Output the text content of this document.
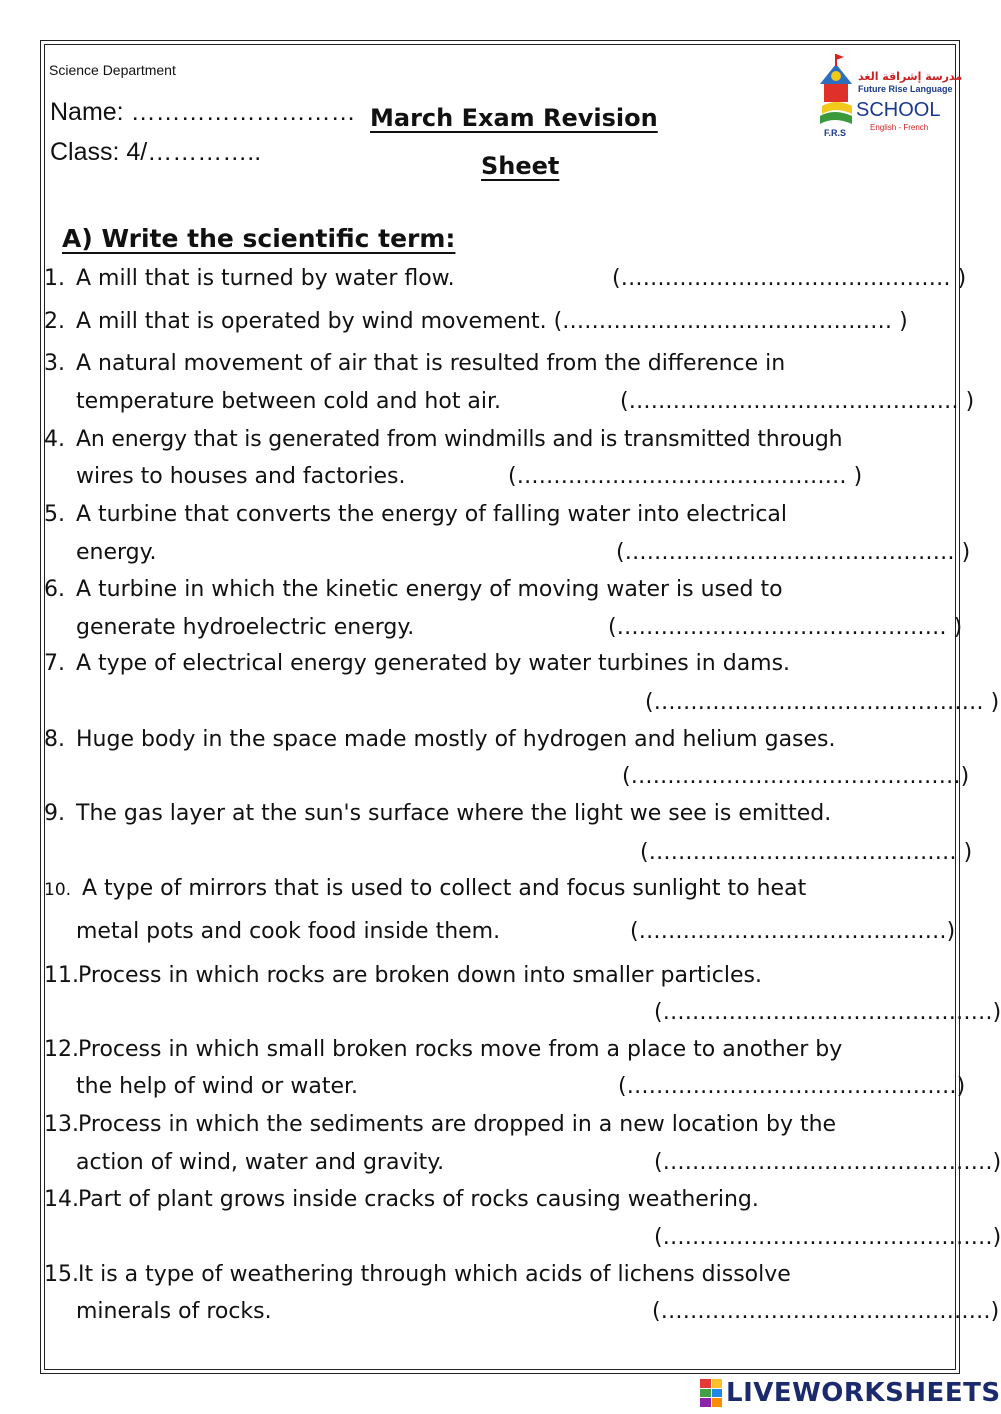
Science Department
Name: ………………………
Class: 4/…………..
March Exam Revision
Sheet
مدرسة إشراقة الغد
Future Rise Language
SCHOOL
F.R.S
English - French
A) Write the scientific term:
1. A mill that is turned by water flow.	(……………………………………… )
2. A mill that is operated by wind movement. (……………………………………… )
3. A natural movement of air that is resulted from the difference in
temperature between cold and hot air.	(……………………………………… )
4. An energy that is generated from windmills and is transmitted through
wires to houses and factories.	(……………………………………… )
5. A turbine that converts the energy of falling water into electrical
energy.	(……………………………………… )
6. A turbine in which the kinetic energy of moving water is used to
generate hydroelectric energy.	(……………………………………… )
7. A type of electrical energy generated by water turbines in dams.
(……………………………………… )
8. Huge body in the space made mostly of hydrogen and helium gases.
(………………………………………)
9. The gas layer at the sun's surface where the light we see is emitted.
(…………………………………… )
10. A type of mirrors that is used to collect and focus sunlight to heat
metal pots and cook food inside them.	(……………………………………)
11. Process in which rocks are broken down into smaller particles.
(………………………………………)
12. Process in which small broken rocks move from a place to another by
the help of wind or water.	(………………………………………)
13. Process in which the sediments are dropped in a new location by the
action of wind, water and gravity.	(………………………………………)
14. Part of plant grows inside cracks of rocks causing weathering.
(………………………………………)
15. It is a type of weathering through which acids of lichens dissolve
minerals of rocks.	(………………………………………)
LIVEWORKSHEETS
